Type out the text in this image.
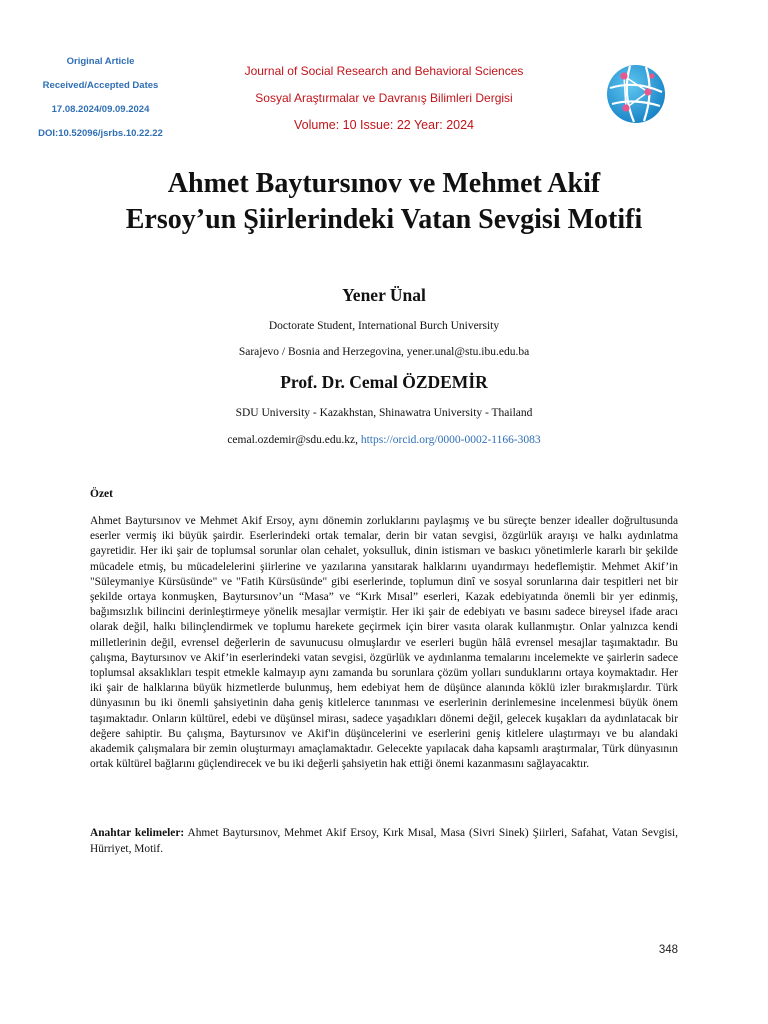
Original Article
Received/Accepted Dates
17.08.2024/09.09.2024
DOI:10.52096/jsrbs.10.22.22
Journal of Social Research and Behavioral Sciences
Sosyal Araştırmalar ve Davranış Bilimleri Dergisi
Volume: 10 Issue: 22 Year: 2024
Ahmet Baytursınov ve Mehmet Akif
Ersoy’un Şiirlerindeki Vatan Sevgisi Motifi
Yener Ünal
Doctorate Student, International Burch University
Sarajevo / Bosnia and Herzegovina, yener.unal@stu.ibu.edu.ba
Prof. Dr. Cemal ÖZDEMİR
SDU University - Kazakhstan, Shinawatra University - Thailand
cemal.ozdemir@sdu.edu.kz, https://orcid.org/0000-0002-1166-3083
Özet

Ahmet Baytursınov ve Mehmet Akif Ersoy, aynı dönemin zorluklarını paylaşmış ve bu süreçte benzer idealler doğrultusunda eserler vermiş iki büyük şairdir. Eserlerindeki ortak temalar, derin bir vatan sevgisi, özgürlük arayışı ve halkı aydınlatma gayretidir. Her iki şair de toplumsal sorunlar olan cehalet, yoksulluk, dinin istismarı ve baskıcı yönetimlerle kararlı bir şekilde mücadele etmiş, bu mücadelelerini şiirlerine ve yazılarına yansıtarak halklarını uyandırmayı hedeflemiştir. Mehmet Akif’in "Süleymaniye Kürsüsünde" ve "Fatih Kürsüsünde" gibi eserlerinde, toplumun dinî ve sosyal sorunlarına dair tespitleri net bir şekilde ortaya konmuşken, Baytursınov’un “Masa” ve “Kırk Mısal” eserleri, Kazak edebiyatında önemli bir yer edinmiş, bağımsızlık bilincini derinleştirmeye yönelik mesajlar vermiştir. Her iki şair de edebiyatı ve basını sadece bireysel ifade aracı olarak değil, halkı bilinçlendirmek ve toplumu harekete geçirmek için birer vasıta olarak kullanmıştır. Onlar yalnızca kendi milletlerinin değil, evrensel değerlerin de savunucusu olmuşlardır ve eserleri bugün hâlâ evrensel mesajlar taşımaktadır. Bu çalışma, Baytursınov ve Akif’in eserlerindeki vatan sevgisi, özgürlük ve aydınlanma temalarını incelemekte ve şairlerin sadece toplumsal aksaklıkları tespit etmekle kalmayıp aynı zamanda bu sorunlara çözüm yolları sunduklarını ortaya koymaktadır. Her iki şair de halklarına büyük hizmetlerde bulunmuş, hem edebiyat hem de düşünce alanında köklü izler bırakmışlardır. Türk dünyasının bu iki önemli şahsiyetinin daha geniş kitlelerce tanınması ve eserlerinin derinlemesine incelenmesi büyük önem taşımaktadır. Onların kültürel, edebi ve düşünsel mirası, sadece yaşadıkları dönemi değil, gelecek kuşakları da aydınlatacak bir değere sahiptir. Bu çalışma, Baytursınov ve Akif'in düşüncelerini ve eserlerini geniş kitlelere ulaştırmayı ve bu alandaki akademik çalışmalara bir zemin oluşturmayı amaçlamaktadır. Gelecekte yapılacak daha kapsamlı araştırmalar, Türk dünyasının ortak kültürel bağlarını güçlendirecek ve bu iki değerli şahsiyetin hak ettiği önemi kazanmasını sağlayacaktır.

Anahtar kelimeler: Ahmet Baytursınov, Mehmet Akif Ersoy, Kırk Mısal, Masa (Sivri Sinek) Şiirleri, Safahat, Vatan Sevgisi, Hürriyet, Motif.

348
